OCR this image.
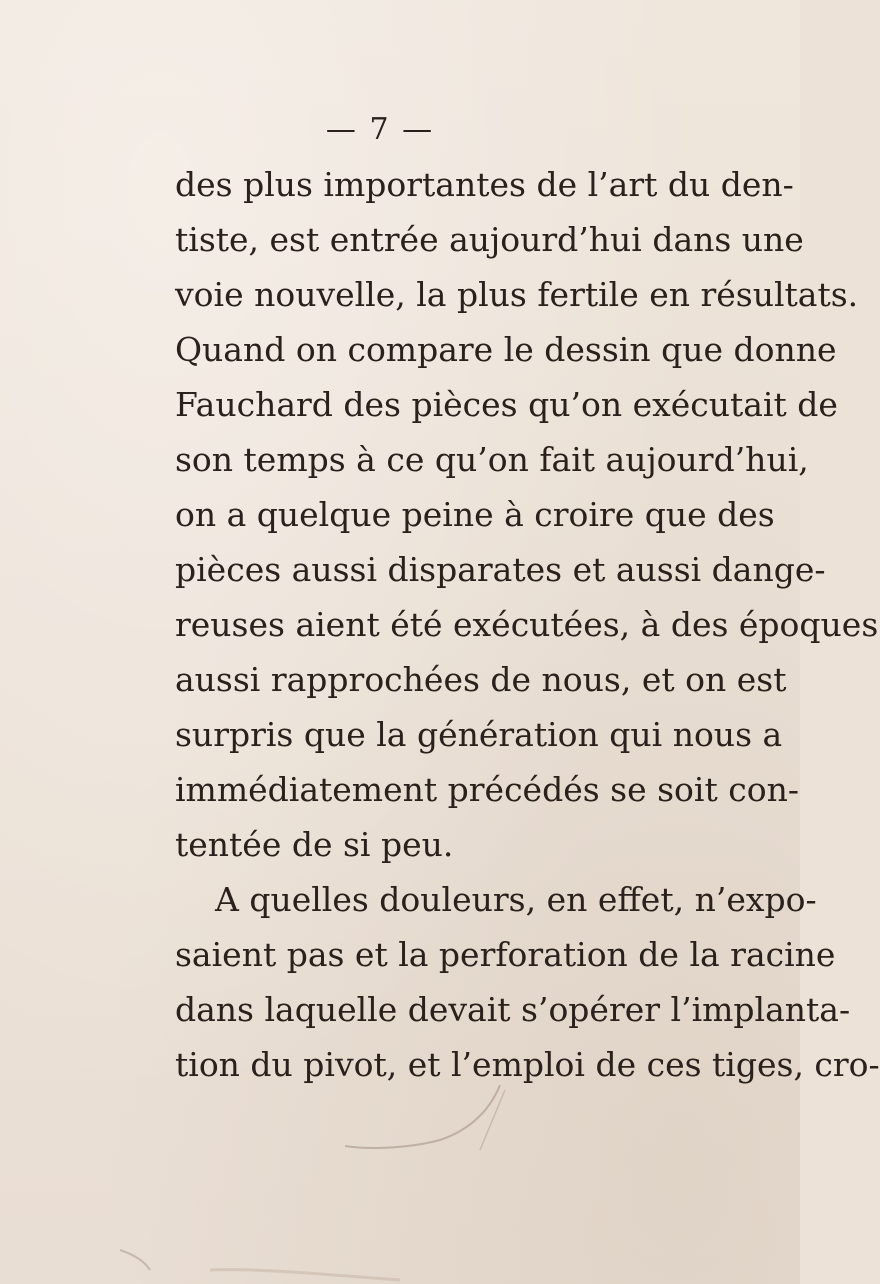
— 7 —
des plus importantes de l’art du den-
tiste, est entrée aujourd’hui dans une
voie nouvelle, la plus fertile en résultats.
Quand on compare le dessin que donne
Fauchard des pièces qu’on exécutait de
son temps à ce qu’on fait aujourd’hui,
on a quelque peine à croire que des
pièces aussi disparates et aussi dange-
reuses aient été exécutées, à des époques
aussi rapprochées de nous, et on est
surpris que la génération qui nous a
immédiatement précédés se soit con-
tentée de si peu.
A quelles douleurs, en effet, n’expo-
saient pas et la perforation de la racine
dans laquelle devait s’opérer l’implanta-
tion du pivot, et l’emploi de ces tiges, cro-
